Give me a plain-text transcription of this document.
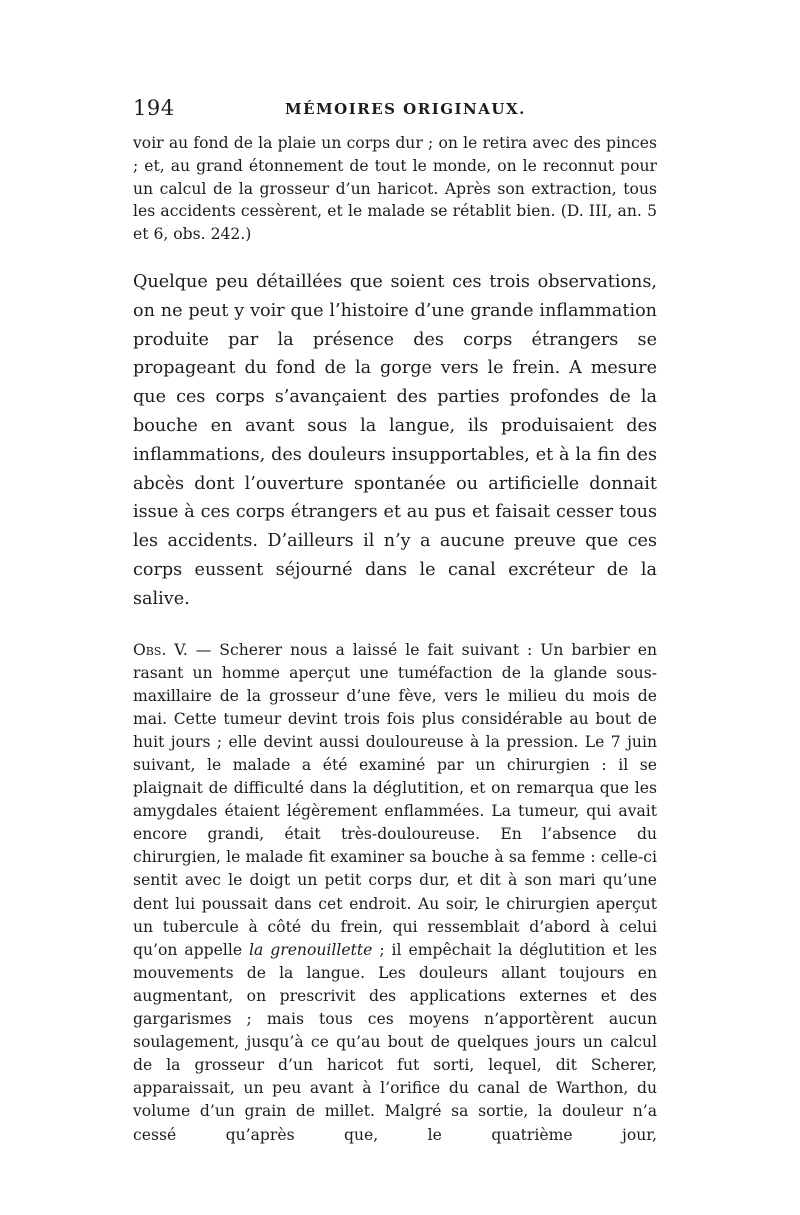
194	MÉMOIRES ORIGINAUX.

voir au fond de la plaie un corps dur ; on le retira avec des pinces ; et, au grand étonnement de tout le monde, on le reconnut pour un calcul de la grosseur d’un haricot. Après son extraction, tous les accidents cessèrent, et le malade se rétablit bien. (D. III, an. 5 et 6, obs. 242.)

Quelque peu détaillées que soient ces trois observations, on ne peut y voir que l’histoire d’une grande inflammation produite par la présence des corps étrangers se propageant du fond de la gorge vers le frein. A mesure que ces corps s’avançaient des parties profondes de la bouche en avant sous la langue, ils produisaient des inflammations, des douleurs insupportables, et à la fin des abcès dont l’ouverture spontanée ou artificielle donnait issue à ces corps étrangers et au pus et faisait cesser tous les accidents. D’ailleurs il n’y a aucune preuve que ces corps eussent séjourné dans le canal excréteur de la salive.

Obs. V. — Scherer nous a laissé le fait suivant : Un barbier en rasant un homme aperçut une tuméfaction de la glande sous-maxillaire de la grosseur d’une fève, vers le milieu du mois de mai. Cette tumeur devint trois fois plus considérable au bout de huit jours ; elle devint aussi douloureuse à la pression. Le 7 juin suivant, le malade a été examiné par un chirurgien : il se plaignait de difficulté dans la déglutition, et on remarqua que les amygdales étaient légèrement enflammées. La tumeur, qui avait encore grandi, était très-douloureuse. En l’absence du chirurgien, le malade fit examiner sa bouche à sa femme : celle-ci sentit avec le doigt un petit corps dur, et dit à son mari qu’une dent lui poussait dans cet endroit. Au soir, le chirurgien aperçut un tubercule à côté du frein, qui ressemblait d’abord à celui qu’on appelle la grenouillette ; il empêchait la déglutition et les mouvements de la langue. Les douleurs allant toujours en augmentant, on prescrivit des applications externes et des gargarismes ; mais tous ces moyens n’apportèrent aucun soulagement, jusqu’à ce qu’au bout de quelques jours un calcul de la grosseur d’un haricot fut sorti, lequel, dit Scherer, apparaissait, un peu avant à l’orifice du canal de Warthon, du volume d’un grain de millet. Malgré sa sortie, la douleur n’a cessé qu’après que, le quatrième jour,
